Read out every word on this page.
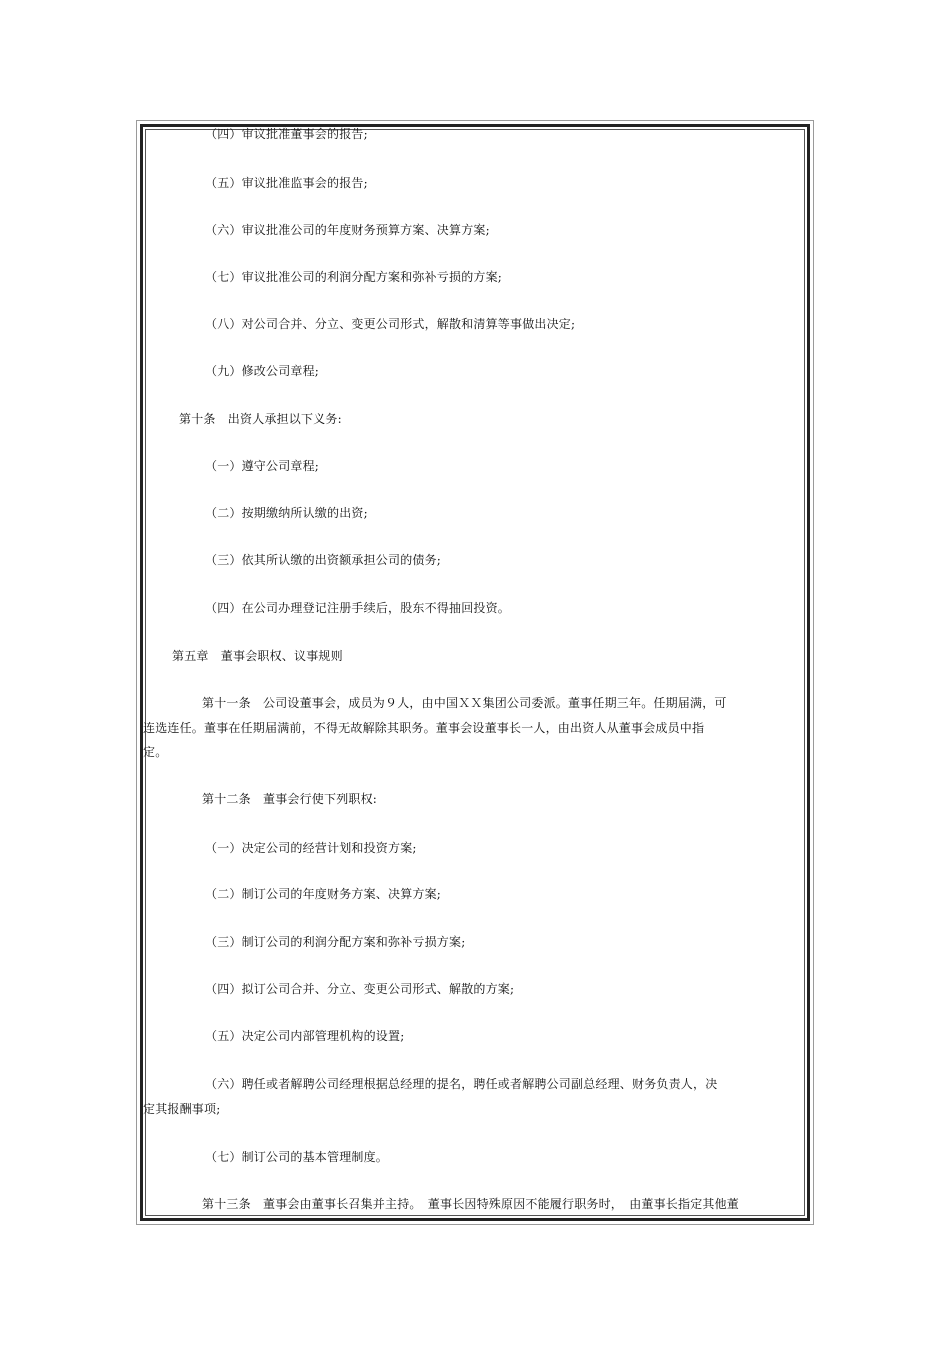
（四）审议批准董事会的报告;
（五）审议批准监事会的报告;
（六）审议批准公司的年度财务预算方案、决算方案;
（七）审议批准公司的利润分配方案和弥补亏损的方案;
（八）对公司合并、分立、变更公司形式，解散和清算等事做出决定;
（九）修改公司章程;
第十条　出资人承担以下义务:
（一）遵守公司章程;
（二）按期缴纳所认缴的出资;
（三）依其所认缴的出资额承担公司的债务;
（四）在公司办理登记注册手续后，股东不得抽回投资。
第五章　董事会职权、议事规则
第十一条　公司设董事会，成员为９人，由中国ＸＸ集团公司委派。董事任期三年。任期届满，可
连选连任。董事在任期届满前，不得无故解除其职务。董事会设董事长一人，由出资人从董事会成员中指
定。
第十二条　董事会行使下列职权:
（一）决定公司的经营计划和投资方案;
（二）制订公司的年度财务方案、决算方案;
（三）制订公司的利润分配方案和弥补亏损方案;
（四）拟订公司合并、分立、变更公司形式、解散的方案;
（五）决定公司内部管理机构的设置;
（六）聘任或者解聘公司经理根据总经理的提名，聘任或者解聘公司副总经理、财务负责人，决
定其报酬事项;
（七）制订公司的基本管理制度。
第十三条　董事会由董事长召集并主持。　董事长因特殊原因不能履行职务时，　由董事长指定其他董
